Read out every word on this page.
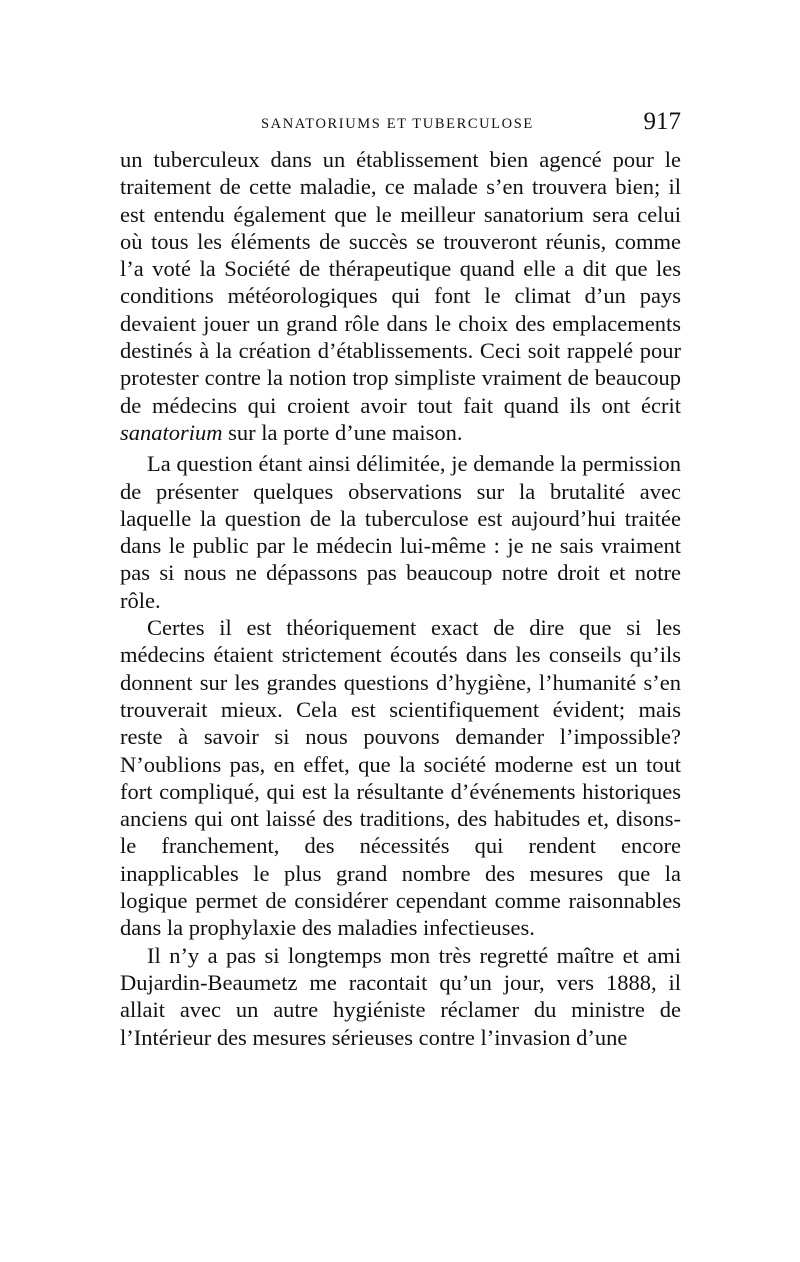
SANATORIUMS ET TUBERCULOSE	917

un tuberculeux dans un établissement bien agencé pour le traitement de cette maladie, ce malade s’en trouvera bien; il est entendu également que le meilleur sanatorium sera celui où tous les éléments de succès se trouveront réunis, comme l’a voté la Société de thérapeutique quand elle a dit que les conditions météorologiques qui font le climat d’un pays devaient jouer un grand rôle dans le choix des emplacements destinés à la création d’établissements. Ceci soit rappelé pour protester contre la notion trop simpliste vraiment de beaucoup de médecins qui croient avoir tout fait quand ils ont écrit sanatorium sur la porte d’une maison.

La question étant ainsi délimitée, je demande la permission de présenter quelques observations sur la brutalité avec laquelle la question de la tuberculose est aujourd’hui traitée dans le public par le médecin lui-même : je ne sais vraiment pas si nous ne dépassons pas beaucoup notre droit et notre rôle.

Certes il est théoriquement exact de dire que si les médecins étaient strictement écoutés dans les conseils qu’ils donnent sur les grandes questions d’hygiène, l’humanité s’en trouverait mieux. Cela est scientifiquement évident; mais reste à savoir si nous pouvons demander l’impossible? N’oublions pas, en effet, que la société moderne est un tout fort compliqué, qui est la résultante d’événements historiques anciens qui ont laissé des traditions, des habitudes et, disons-le franchement, des nécessités qui rendent encore inapplicables le plus grand nombre des mesures que la logique permet de considérer cependant comme raisonnables dans la prophylaxie des maladies infectieuses.

Il n’y a pas si longtemps mon très regretté maître et ami Dujardin-Beaumetz me racontait qu’un jour, vers 1888, il allait avec un autre hygiéniste réclamer du ministre de l’Intérieur des mesures sérieuses contre l’invasion d’une
